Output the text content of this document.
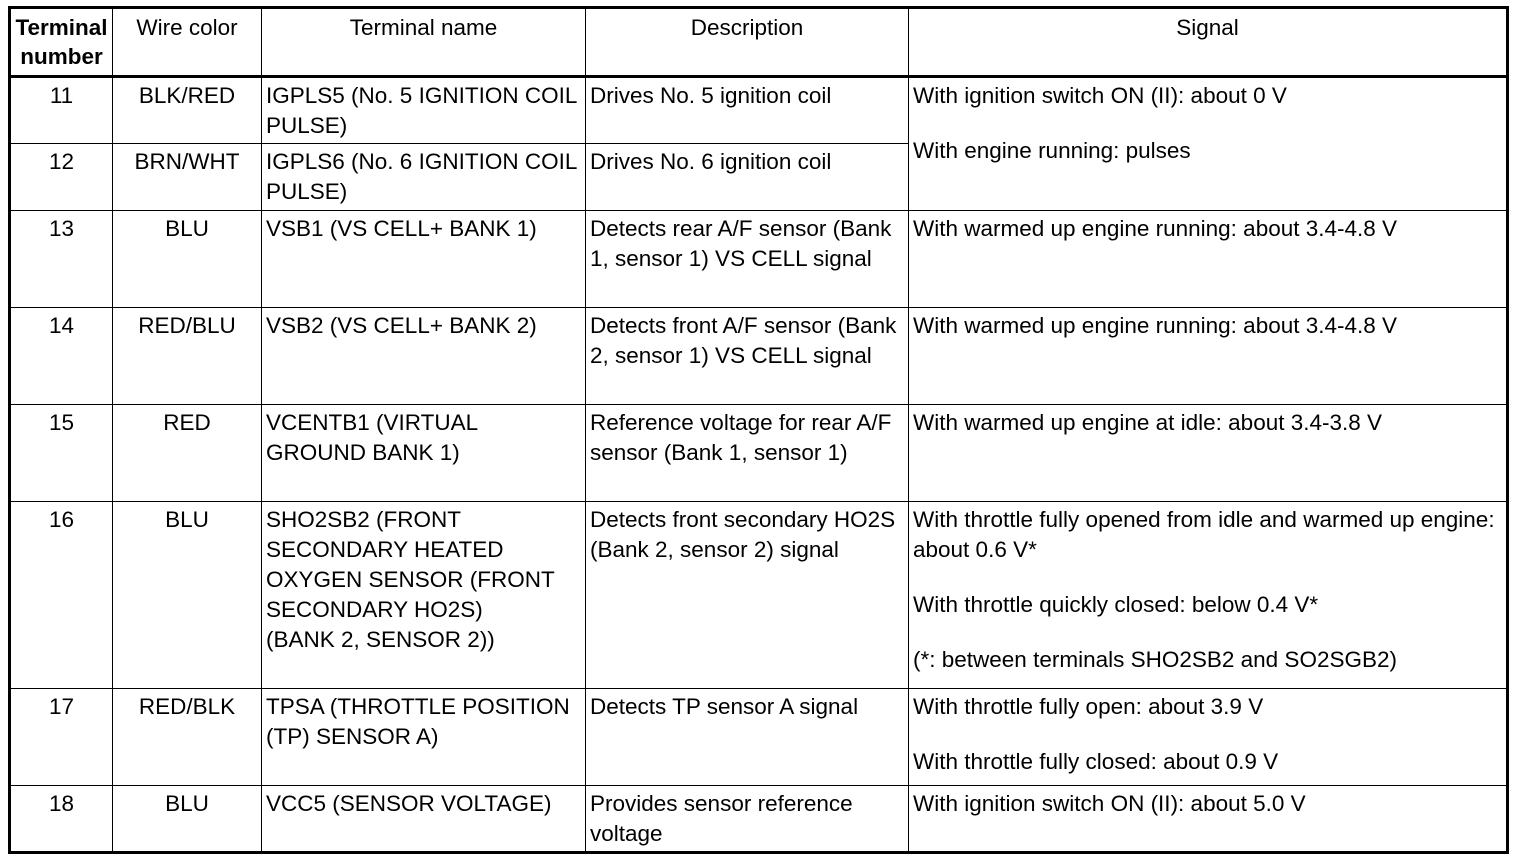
Terminal number	Wire color	Terminal name	Description	Signal
11	BLK/RED	IGPLS5 (No. 5 IGNITION COIL PULSE)	Drives No. 5 ignition coil	With ignition switch ON (II): about 0 V
With engine running: pulses

12	BRN/WHT	IGPLS6 (No. 6 IGNITION COIL PULSE)	Drives No. 6 ignition coil	
13	BLU	VSB1 (VS CELL+ BANK 1)	Detects rear A/F sensor (Bank 1, sensor 1) VS CELL signal	With warmed up engine running: about 3.4-4.8 V

14	RED/BLU	VSB2 (VS CELL+ BANK 2)	Detects front A/F sensor (Bank 2, sensor 1) VS CELL signal	With warmed up engine running: about 3.4-4.8 V

15	RED	VCENTB1 (VIRTUAL GROUND BANK 1)	Reference voltage for rear A/F sensor (Bank 1, sensor 1)	With warmed up engine at idle: about 3.4-3.8 V

16	BLU	SHO2SB2 (FRONT SECONDARY HEATED OXYGEN SENSOR (FRONT SECONDARY HO2S)
(BANK 2, SENSOR 2))	Detects front secondary HO2S (Bank 2, sensor 2) signal	With throttle fully opened from idle and warmed up engine: about 0.6 V*
With throttle quickly closed: below 0.4 V*
(*: between terminals SHO2SB2 and SO2SGB2)

17	RED/BLK	TPSA (THROTTLE POSITION (TP) SENSOR A)	Detects TP sensor A signal	With throttle fully open: about 3.9 V
With throttle fully closed: about 0.9 V

18	BLU	VCC5 (SENSOR VOLTAGE)	Provides sensor reference voltage	With ignition switch ON (II): about 5.0 V
